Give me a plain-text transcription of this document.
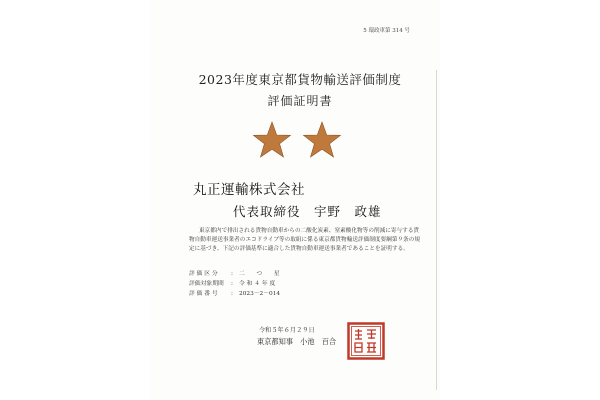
5 環政車第 314 号
2023年度東京都貨物輸送評価制度
評価証明書
丸正運輸株式会社
代表取締役　宇野　政雄
東京都内で排出される貨物自動車からの二酸化炭素、窒素酸化物等の削減に寄与する貨物自動車運送事業者のエコドライブ等の取組に係る東京都貨物輸送評価制度要綱第９条の規定に基づき、下記の評価基準に適合した貨物自動車運送事業者であることを証明する。
評 価 区 分	:	二　　つ　　星
評価対象期間	:	令 和 ４ 年 度
評 価 番 号	:	2023－2－014
令和５年６月２９日
東京都知事　小池　百合
